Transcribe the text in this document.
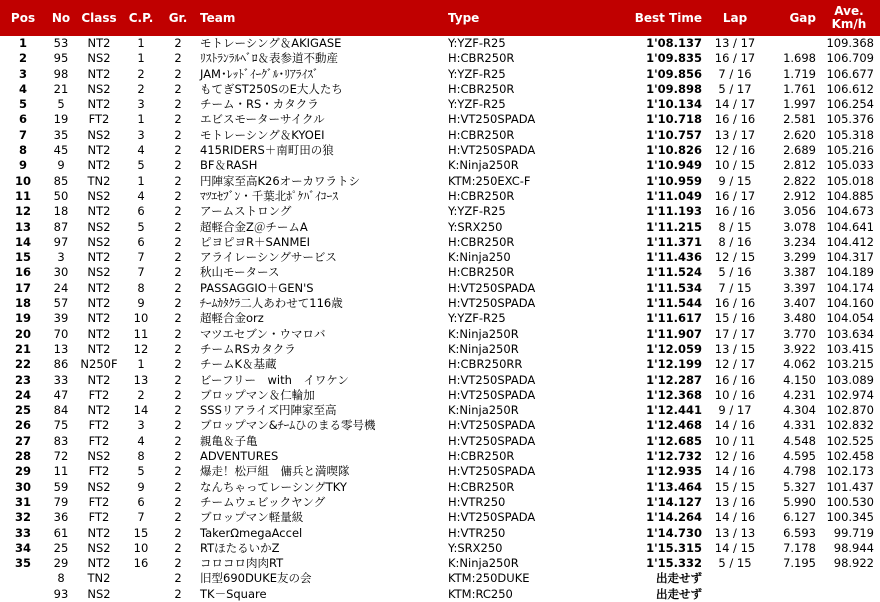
Pos	No	Class	C.P.	Gr.	Team	Type	Best Time	Lap	Gap	Ave.
Km/h
1	53	NT2	1	2	モトレーシング＆AKIGASE	Y:YZF-R25	1'08.137	13 / 17		109.368
2	95	NS2	1	2	ﾘｽﾄﾗﾝﾗﾙﾍﾞﾛ＆表参道不動産	H:CBR250R	1'09.835	16 / 17	1.698	106.709
3	98	NT2	2	2	JAM･ﾚｯﾄﾞｲｰｸﾞﾙ･ﾘｱﾗｲｽﾞ	Y:YZF-R25	1'09.856	7 / 16	1.719	106.677
4	21	NS2	2	2	もてぎST250SのE大人たち	H:CBR250R	1'09.898	5 / 17	1.761	106.612
5	5	NT2	3	2	チーム・RS・カタクラ	Y:YZF-R25	1'10.134	14 / 17	1.997	106.254
6	19	FT2	1	2	エビスモーターサイクル	H:VT250SPADA	1'10.718	16 / 16	2.581	105.376
7	35	NS2	3	2	モトレーシング＆KYOEI	H:CBR250R	1'10.757	13 / 17	2.620	105.318
8	45	NT2	4	2	415RIDERS＋南町田の狼	H:VT250SPADA	1'10.826	12 / 16	2.689	105.216
9	9	NT2	5	2	BF＆RASH	K:Ninja250R	1'10.949	10 / 15	2.812	105.033
10	85	TN2	1	2	円陣家至高K26オーカワラトシ	KTM:250EXC-F	1'10.959	9 / 15	2.822	105.018
11	50	NS2	4	2	ﾏﾂｴｾﾌﾞﾝ・千葉北ﾎﾟｹﾊﾞｲｺｰｽ	H:CBR250R	1'11.049	16 / 17	2.912	104.885
12	18	NT2	6	2	アームストロング	Y:YZF-R25	1'11.193	16 / 16	3.056	104.673
13	87	NS2	5	2	超軽合金Z＠チームA	Y:SRX250	1'11.215	8 / 15	3.078	104.641
14	97	NS2	6	2	ピヨピヨR＋SANMEI	H:CBR250R	1'11.371	8 / 16	3.234	104.412
15	3	NT2	7	2	アライレーシングサービス	K:Ninja250	1'11.436	12 / 15	3.299	104.317
16	30	NS2	7	2	秋山モータース	H:CBR250R	1'11.524	5 / 16	3.387	104.189
17	24	NT2	8	2	PASSAGGIO＋GEN'S	H:VT250SPADA	1'11.534	7 / 15	3.397	104.174
18	57	NT2	9	2	ﾁｰﾑｶﾀｸﾗ二人あわせて116歳	H:VT250SPADA	1'11.544	16 / 16	3.407	104.160
19	39	NT2	10	2	超軽合金orz	Y:YZF-R25	1'11.617	15 / 16	3.480	104.054
20	70	NT2	11	2	マツエセブン・ウマロバ	K:Ninja250R	1'11.907	17 / 17	3.770	103.634
21	13	NT2	12	2	チームRSカタクラ	K:Ninja250R	1'12.059	13 / 15	3.922	103.415
22	86	N250F	1	2	チームK＆基蔵	H:CBR250RR	1'12.199	12 / 17	4.062	103.215
23	33	NT2	13	2	ビーフリー　with　イワケン	H:VT250SPADA	1'12.287	16 / 16	4.150	103.089
24	47	FT2	2	2	ブロップマン＆仁輪加	H:VT250SPADA	1'12.368	10 / 16	4.231	102.974
25	84	NT2	14	2	SSSリアライズ円陣家至高	K:Ninja250R	1'12.441	9 / 17	4.304	102.870
26	75	FT2	3	2	ブロップマン&ﾁｰﾑひのまる零号機	H:VT250SPADA	1'12.468	14 / 16	4.331	102.832
27	83	FT2	4	2	親亀＆子亀	H:VT250SPADA	1'12.685	10 / 11	4.548	102.525
28	72	NS2	8	2	ADVENTURES	H:CBR250R	1'12.732	12 / 16	4.595	102.458
29	11	FT2	5	2	爆走！松戸組　傭兵と満喫隊	H:VT250SPADA	1'12.935	14 / 16	4.798	102.173
30	59	NS2	9	2	なんちゃってレーシングTKY	H:CBR250R	1'13.464	15 / 15	5.327	101.437
31	79	FT2	6	2	チームウェビックヤング	H:VTR250	1'14.127	13 / 16	5.990	100.530
32	36	FT2	7	2	ブロップマン軽量級	H:VT250SPADA	1'14.264	14 / 16	6.127	100.345
33	61	NT2	15	2	TakerΩmegaAccel	H:VTR250	1'14.730	13 / 13	6.593	99.719
34	25	NS2	10	2	RTほたるいかZ	Y:SRX250	1'15.315	14 / 15	7.178	98.944
35	29	NT2	16	2	コロコロ肉肉RT	K:Ninja250R	1'15.332	5 / 15	7.195	98.922
	8	TN2		2	旧型690DUKE友の会	KTM:250DUKE	出走せず			
	93	NS2		2	TK－Square	KTM:RC250	出走せず			
